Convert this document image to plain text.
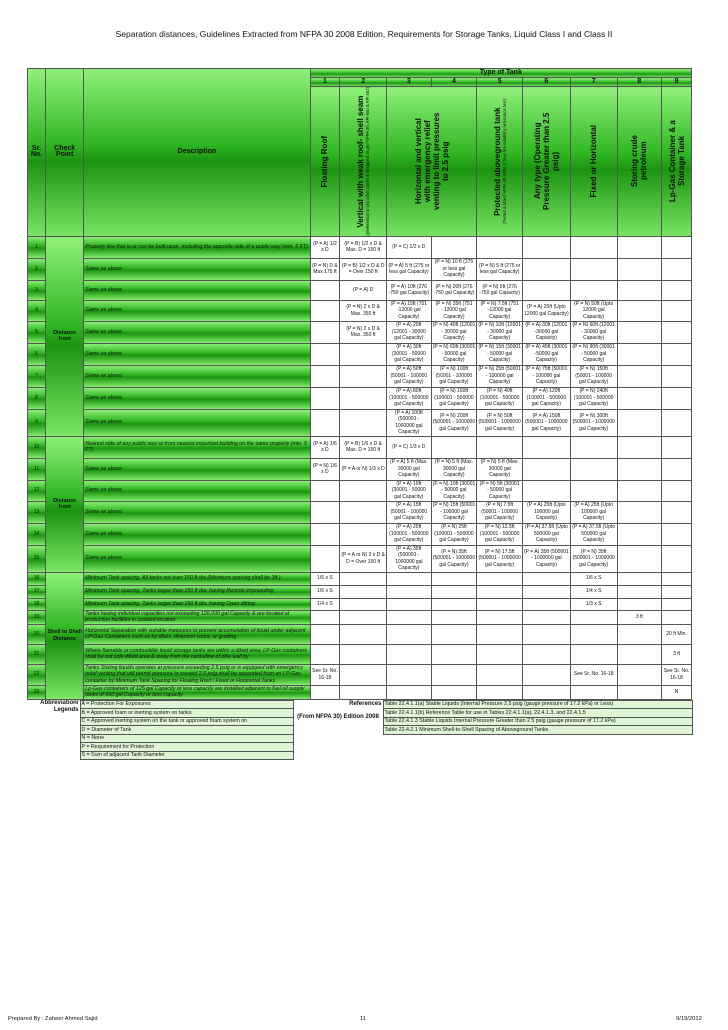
Separation distances, Guidelines Extracted from NFPA 30 2008 Edition, Requirements for Storage Tanks, Liquid Class I and Class II
Sr. No.	Check Point	Description	Type of Tank								
			1	2	3	4	5	6	7	8	9

			Floating Roof	Vertical with weak roof- shell seam (preferential to any other cases & designed as per NFPA 30, API-650 & API 682)	Horizontal and vertical with emergency relief venting to limit pressures to 2.5 psig		Protected aboveground tank (Tested & listed NFPA 30 2008, 2 hour fire reliability resistance test)	Any type (Operating Pressure Greater than 2.5 psig)	Fixed or Horizontal	Storing crude petroleum	Lp-Gas Container & a Storage Tank

1	Distance from	Property line that is or can be built upon, including the opposite side of a public way (min. 5 FT)	(P = A) 1/2 x D	(P = B) 1/2 x D & Max. D = 150 ft	(P = C) 1/2 x D						
2		Same as above	(P = N) D & Max 175 ft	(P = B) 1/2 x D & D = Over 150 ft	(P = A) 5 ft (275 or less gal Capacity)	(P = N) 10 ft (275 or less gal Capacity)	(P = N) 5 ft (275 or less gal Capacity)				
3		Same as above		(P = A) D	(P = A) 10ft (276 -750 gal Capacity)	(P = N) 20ft (276 -750 gal Capacity)	(P = N) 5ft (276 -750 gal Capacity)				
4		Same as above		(P = N) 2 x D & Max. 350 ft	(P = A) 15ft (751 -12000 gal Capacity)	(P = N) 35ft (751 -12000 gal Capacity)	(P = N) 7.5ft (751 -12000 gal Capacity)	(P = A) 25ft (Upto 12000 gal Capacity)	(P = N) 50ft (Upto 12000 gal Capacity)		
5		Same as above		(P = N) 2 x D & Max. 350 ft	(P = A) 20ft (12001 - 30000 gal Capacity)	(P = N) 40ft (12001 - 30000 gal Capacity)	(P = N) 10ft (12001 - 30000 gal Capacity)	(P = A) 30ft (12001 -30000 gal Capacity)	(P = N) 60ft (12001 - 30000 gal Capacity)		
6		Same as above			(P = A) 30ft (30001 - 50000 gal Capacity)	(P = N) 60ft (30001 - 50000 gal Capacity)	(P = N) 15ft (30001 - 50000 gal Capacity)	(P = A) 45ft (30001 -50000 gal Capacity)	(P = N) 90ft (30001 - 50000 gal Capacity)		
7		Same as above			(P = A) 50ft (50001 - 100000 gal Capacity)	(P = N) 100ft (50001 - 100000 gal Capacity)	(P = N) 25ft (50001 - 100000 gal Capacity)	(P = A) 75ft (50001 - 100000 gal Capacity)	(P = N) 150ft (50001 - 100000 gal Capacity)		
8		Same as above			(P = A) 80ft (100001 - 500000 gal Capacity)	(P = N) 160ft (100001 - 500000 gal Capacity)	(P = N) 40ft (100001 - 500000 gal Capacity)	(P = A) 120ft (100001 - 500000 gal Capacity)	(P = N) 240ft (100001 - 500000 gal Capacity)		
9		Same as above			(P = A) 100ft (500001 - 1000000 gal Capacity)	(P = N) 200ft (500001 - 1000000 gal Capacity)	(P = N) 50ft (500001 - 1000000 gal Capacity)	(P = A) 150ft (500001 - 1000000 gal Capacity)	(P = N) 300ft (500001 - 1000000 gal Capacity)		
10	Distance from	Nearest side of any public way or from nearest important building on the same property (min. 5 FT)	(P = A) 1/6 x D	(P = B) 1/6 x D & Max. D = 150 ft	(P = C) 1/3 x D						
11		Same as above	(P = N) 1/6 x D	(P = A or N) 1/3 x D	(P = A) 5 ft (Max. 30000 gal Capacity)	(P = N) 5 ft (Max. 30000 gal Capacity)	(P = N) 5 ft (Max. 30000 gal Capacity)				
12		Same as above			(P = A) 10ft (30001 - 50000 gal Capacity)	(P = N) 10ft (30001 - 50000 gal Capacity)	(P = N) 5ft (30001 - 50000 gal Capacity)				
13		Same as above			(P = A) 15ft (50001 - 100000 gal Capacity)	(P = N) 15ft (50001 - 100000 gal Capacity)	(P = N) 7.5ft (50001 - 100000 gal Capacity)	(P = A) 25ft (Upto 100000 gal Capacity)	(P = A) 25ft (Upto 100000 gal Capacity)		
14		Same as above			(P = A) 25ft (100001 - 500000 gal Capacity)	(P = N) 25ft (100001 - 500000 gal Capacity)	(P = N) 12.5ft (100001 - 500000 gal Capacity)	(P = A) 37.5ft (Upto 500000 gal Capacity)	(P = A) 37.5ft (Upto 500000 gal Capacity)		
15		Same as above		(P = A or N) 2 x D & D = Over 150 ft	(P = A) 35ft (500001 - 1000000 gal Capacity)	(P = N) 35ft (500001 - 1000000 gal Capacity)	(P = N) 17.5ft (500001 - 1000000 gal Capacity)	(P = A) 35ft (500001 - 1000000 gal Capacity)	(P = N) 35ft (500001 - 1000000 gal Capacity)		
16	Shell to Shell Distance	Minimum Tank spacing, All tanks not over 150 ft dia (Minimum spacing shall be 3ft )	1/6 x S						1/6 x S		
17		Minimum Tank spacing, Tanks larger than 150 ft dia, having Remote impounding	1/6 x S						1/4 x S		
18		Minimum Tank spacing, Tanks larger than 150 ft dia, having Open ditting	1/4 x S						1/3 x S		
19		Tanks having individual capacities not exceeding 126,000 gal Capacity & are located at production facilities in isolated location								3 ft	
20		Horizontal Separation with suitable measures to prevent accumulation of liquid under adjacent LP-Gas Containers such as by dikes, diversion curbs, or grading									20 ft Min.
21		Where flamable or combustible liquid storage tanks are within a diked area, LP-Gas containers shall be out side diked area & away from the centreline of dike wall by									3 ft
22		Tanks Storing liquids operates at pressure exceeding 2.5 psig or is equipped with emergency relief venting that will permit pressure to exceed 2.5 psig shall be separated from an LP-Gas container by Minimum Tank Spacing for Floating Roof / Fixed or Horizontal Tanks	See Sr. No. 16-18						See Sr. No. 16-18		See Sr. No. 16-18
23		Lp-Gas containers of 125 gal Capacity or less capacity are installed adjacent to fuel oil supply tanks of 660 gal Capacity or less capacity									N
Abbreviation/ Legends	A = Protection For Exposures	References	Table 22.4.1.1(a) Stable Liquids (Internal Pressure 2.5 psig (gauge pressure of 17.2 kPa) or Less)
	B = Approved foam or inerting system on tanks	(From NFPA 30) Edition 2008	Table 22.4.1.1(b) Reference Table for use in Tables 22.4.1.1(a), 22.4.1.3, and 22.4.1.5
	C = Approved inerting system on the tank or approved foam system on		Table 22.4.1.3 Stable Liquids Internal Pressure Greater than 2.5 psig (gauge pressure of 17.2 kPa)
	D = Diameter of Tank		Table 22.4.2.1 Minimum Shell-to-Shell Spacing of Aboveground Tanks
	N = None		
	P = Requirement for Protection		
	S = Sum of adjacent Tank Diameter		
Prepared By : Zaheer Ahmed Sajid	11	9/19/2012
